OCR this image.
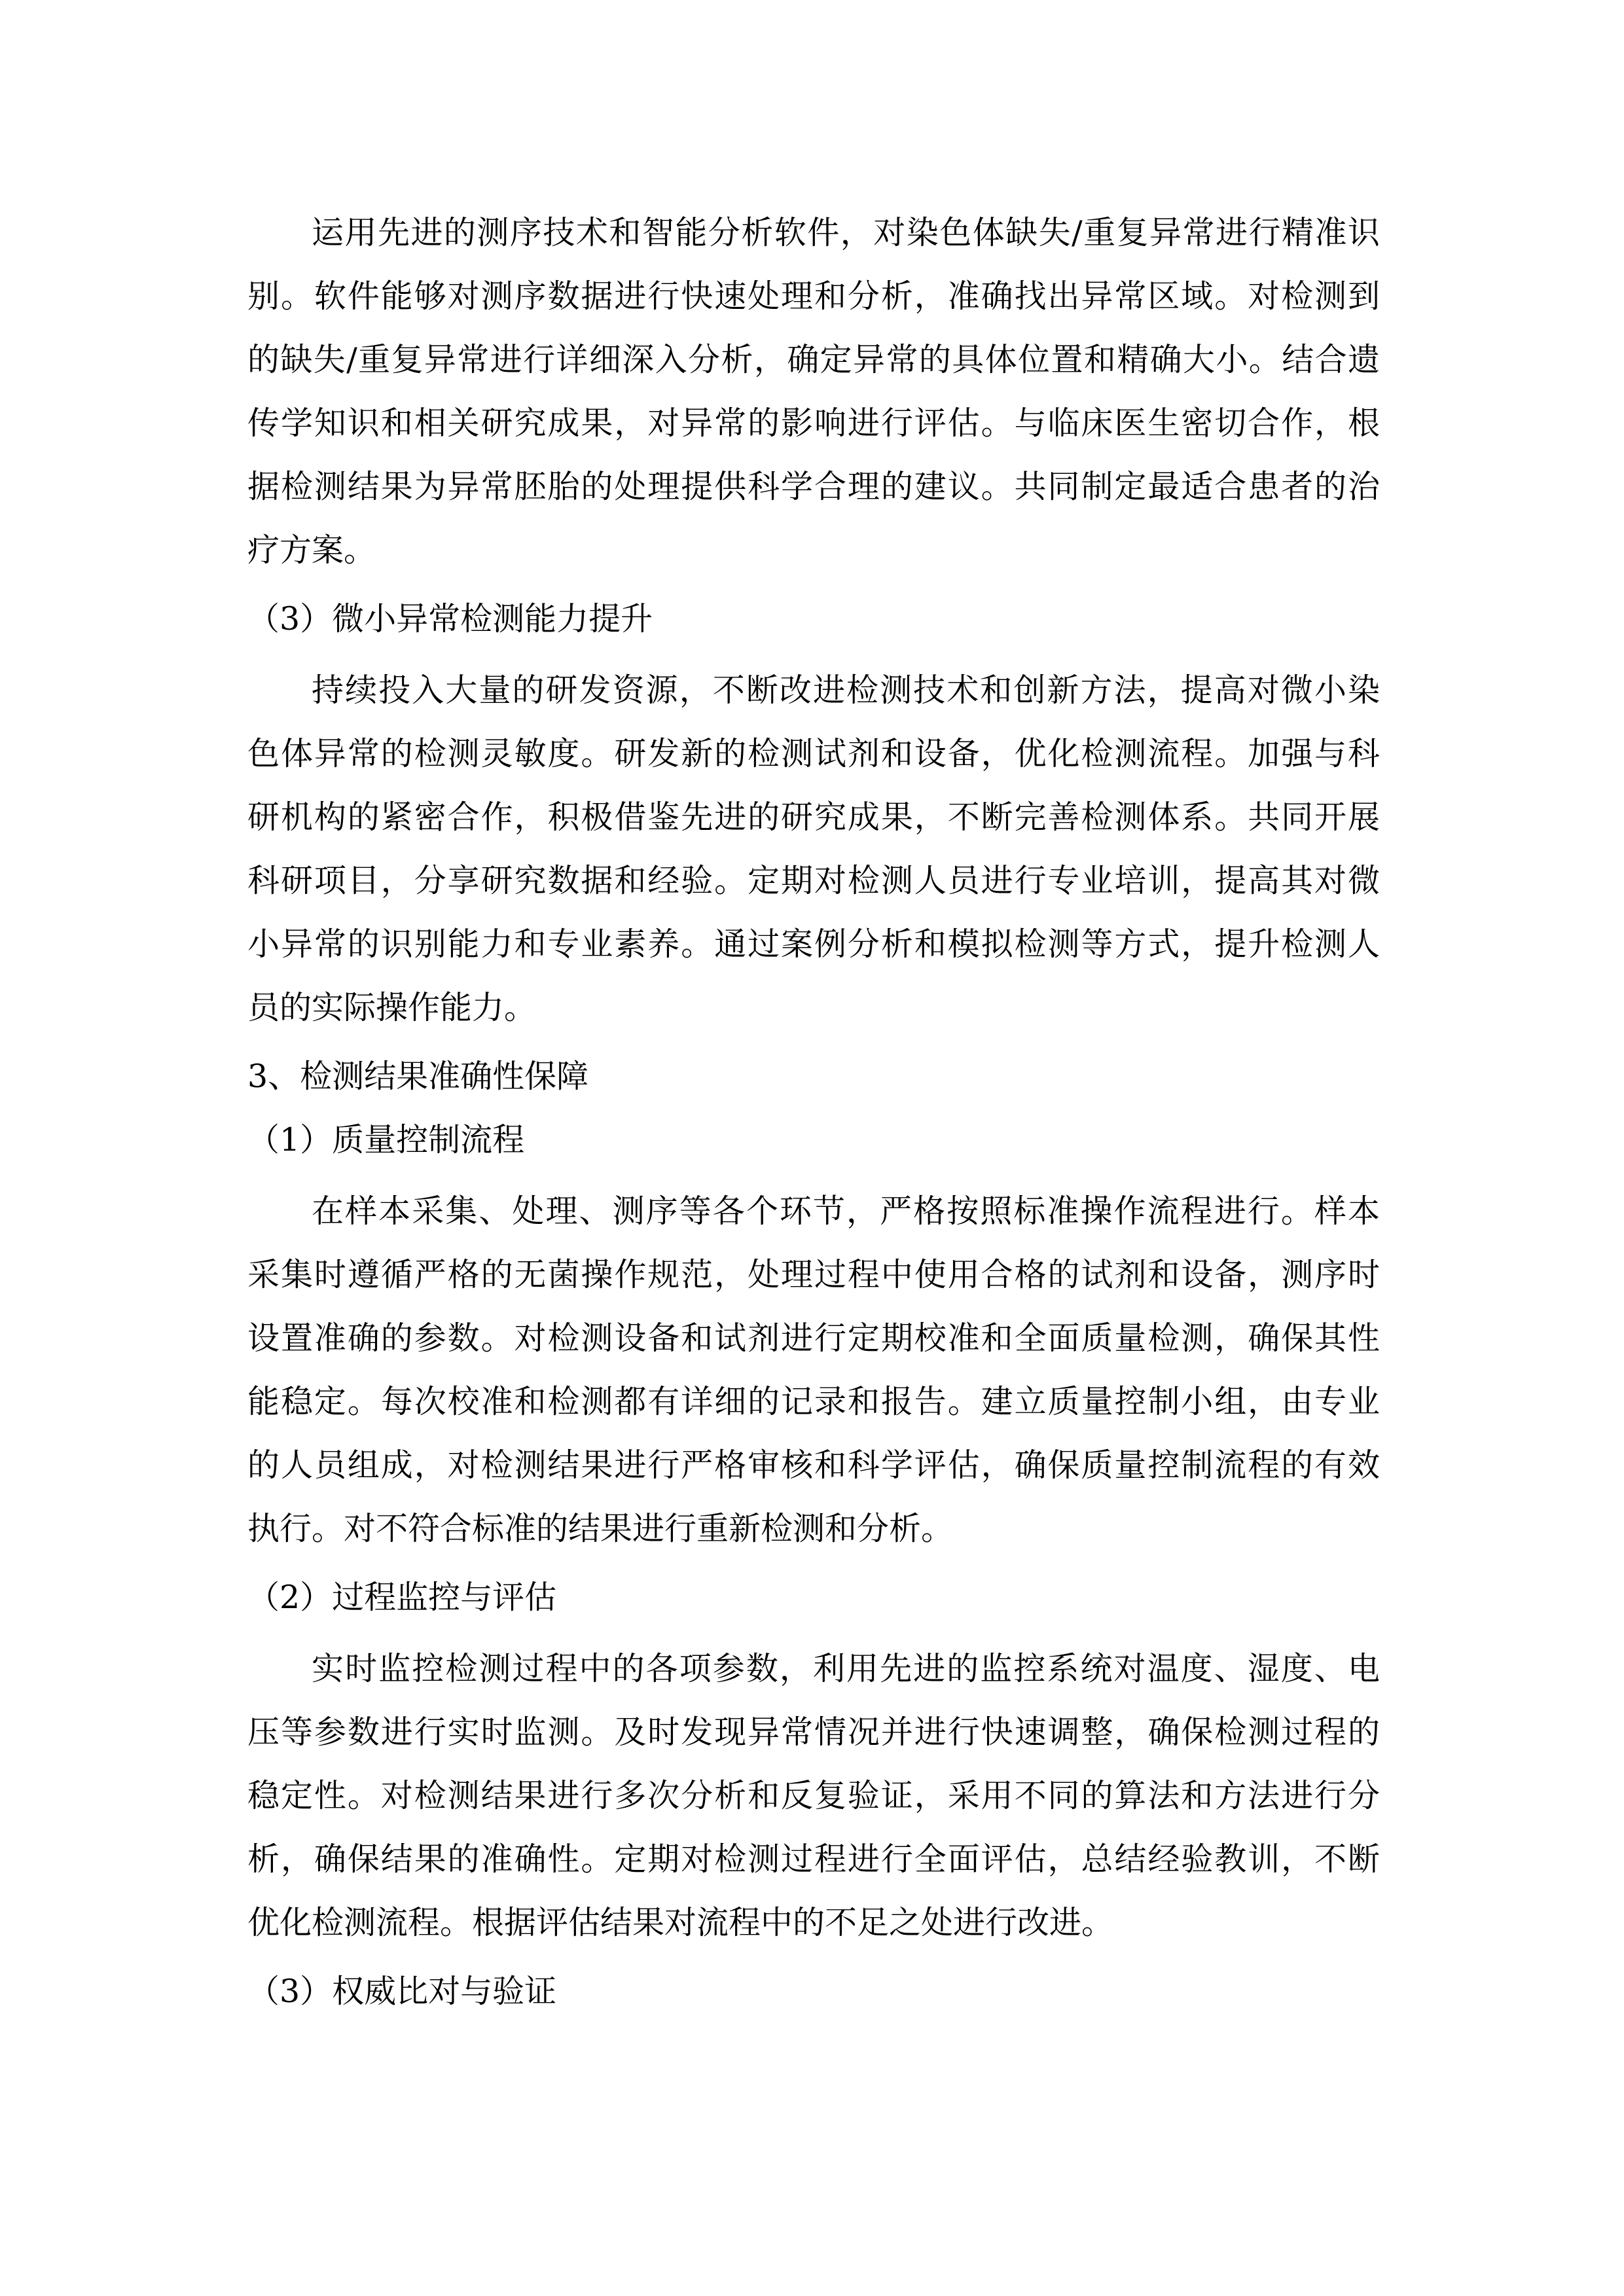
运用先进的测序技术和智能分析软件，对染色体缺失/重复异常进行精准识
别。软件能够对测序数据进行快速处理和分析，准确找出异常区域。对检测到
的缺失/重复异常进行详细深入分析，确定异常的具体位置和精确大小。结合遗
传学知识和相关研究成果，对异常的影响进行评估。与临床医生密切合作，根
据检测结果为异常胚胎的处理提供科学合理的建议。共同制定最适合患者的治
疗方案。
（3）微小异常检测能力提升
持续投入大量的研发资源，不断改进检测技术和创新方法，提高对微小染
色体异常的检测灵敏度。研发新的检测试剂和设备，优化检测流程。加强与科
研机构的紧密合作，积极借鉴先进的研究成果，不断完善检测体系。共同开展
科研项目，分享研究数据和经验。定期对检测人员进行专业培训，提高其对微
小异常的识别能力和专业素养。通过案例分析和模拟检测等方式，提升检测人
员的实际操作能力。
3、检测结果准确性保障
（1）质量控制流程
在样本采集、处理、测序等各个环节，严格按照标准操作流程进行。样本
采集时遵循严格的无菌操作规范，处理过程中使用合格的试剂和设备，测序时
设置准确的参数。对检测设备和试剂进行定期校准和全面质量检测，确保其性
能稳定。每次校准和检测都有详细的记录和报告。建立质量控制小组，由专业
的人员组成，对检测结果进行严格审核和科学评估，确保质量控制流程的有效
执行。对不符合标准的结果进行重新检测和分析。
（2）过程监控与评估
实时监控检测过程中的各项参数，利用先进的监控系统对温度、湿度、电
压等参数进行实时监测。及时发现异常情况并进行快速调整，确保检测过程的
稳定性。对检测结果进行多次分析和反复验证，采用不同的算法和方法进行分
析，确保结果的准确性。定期对检测过程进行全面评估，总结经验教训，不断
优化检测流程。根据评估结果对流程中的不足之处进行改进。
（3）权威比对与验证
